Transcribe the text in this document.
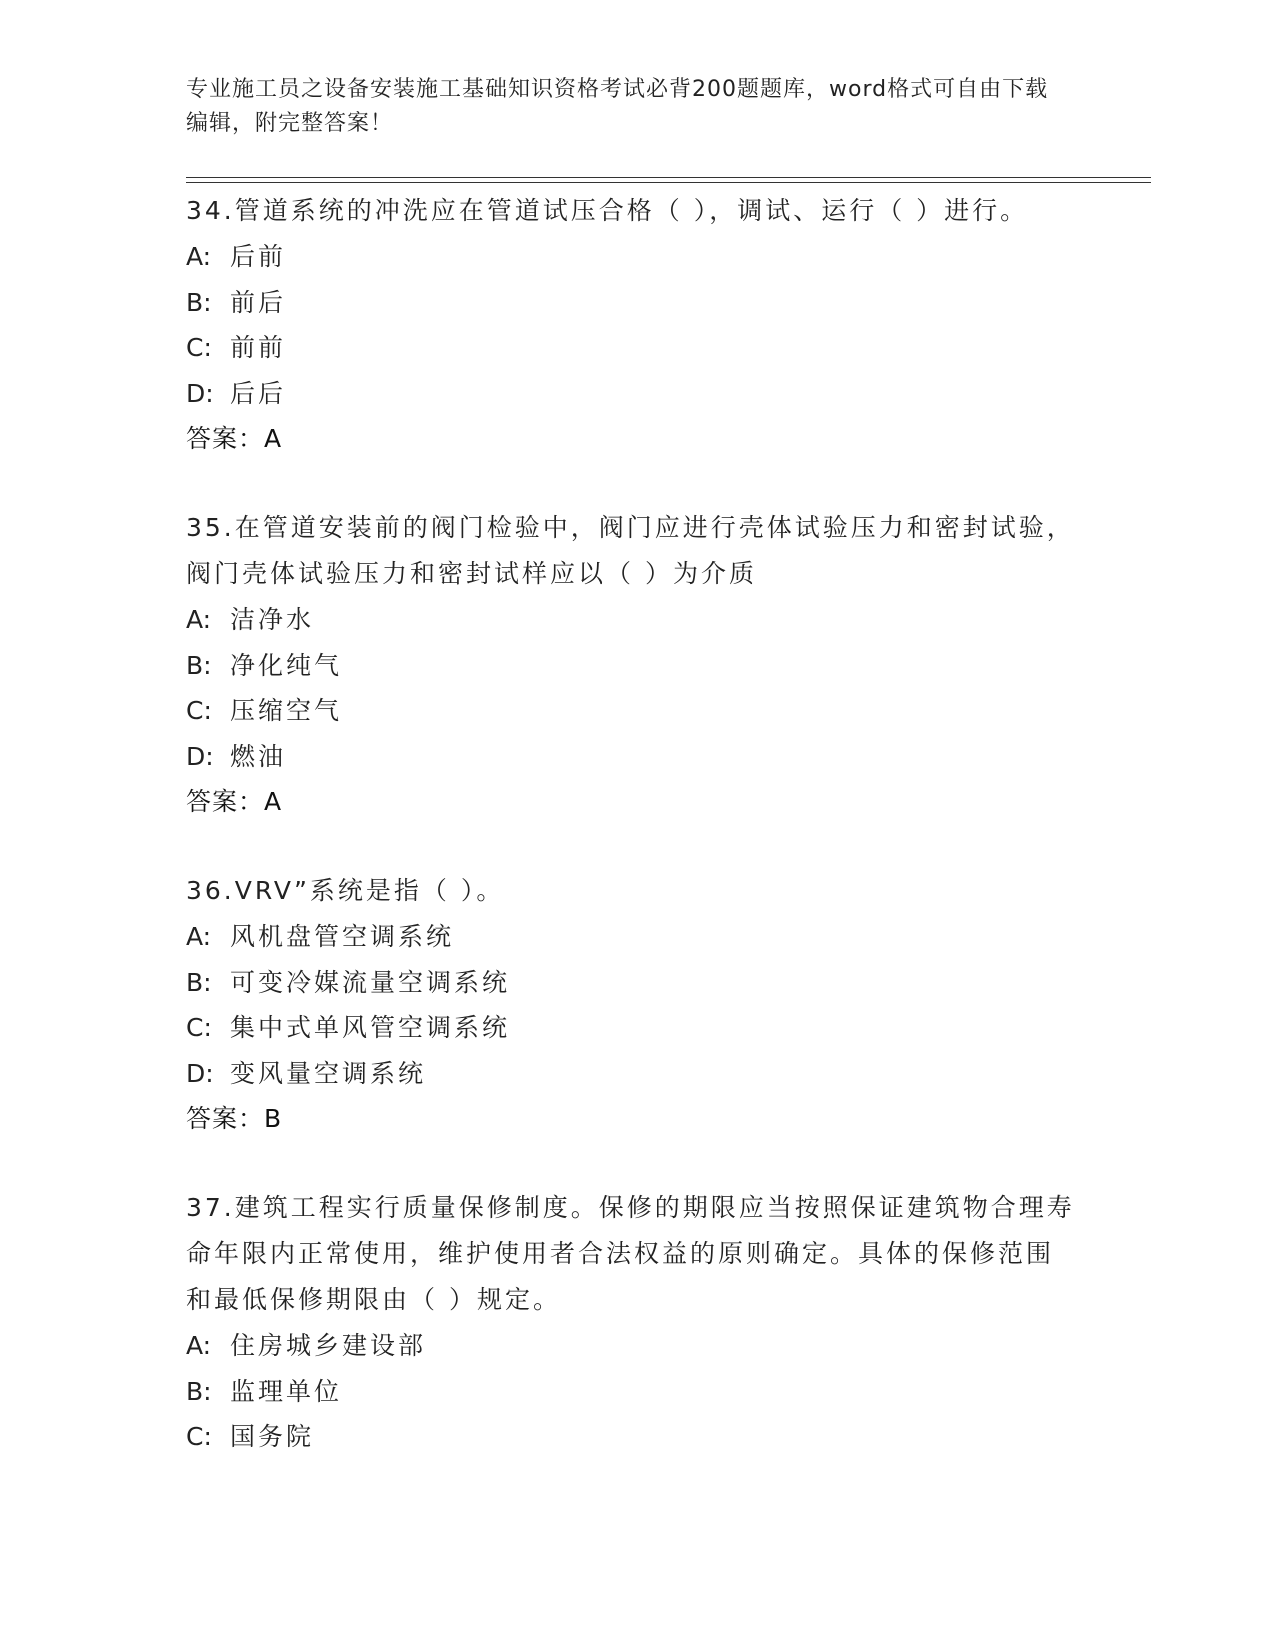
专业施工员之设备安装施工基础知识资格考试必背200题题库，word格式可自由下载编辑，附完整答案！
34.管道系统的冲洗应在管道试压合格（ ），调试、运行（ ）进行。
A: 后前
B: 前后
C: 前前
D: 后后
答案：A
35.在管道安装前的阀门检验中，阀门应进行壳体试验压力和密封试验，阀门壳体试验压力和密封试样应以（ ）为介质
A: 洁净水
B: 净化纯气
C: 压缩空气
D: 燃油
答案：A
36.VRV”系统是指（ ）。
A: 风机盘管空调系统
B: 可变冷媒流量空调系统
C: 集中式单风管空调系统
D: 变风量空调系统
答案：B
37.建筑工程实行质量保修制度。保修的期限应当按照保证建筑物合理寿命年限内正常使用，维护使用者合法权益的原则确定。具体的保修范围和最低保修期限由（ ）规定。
A: 住房城乡建设部
B: 监理单位
C: 国务院
